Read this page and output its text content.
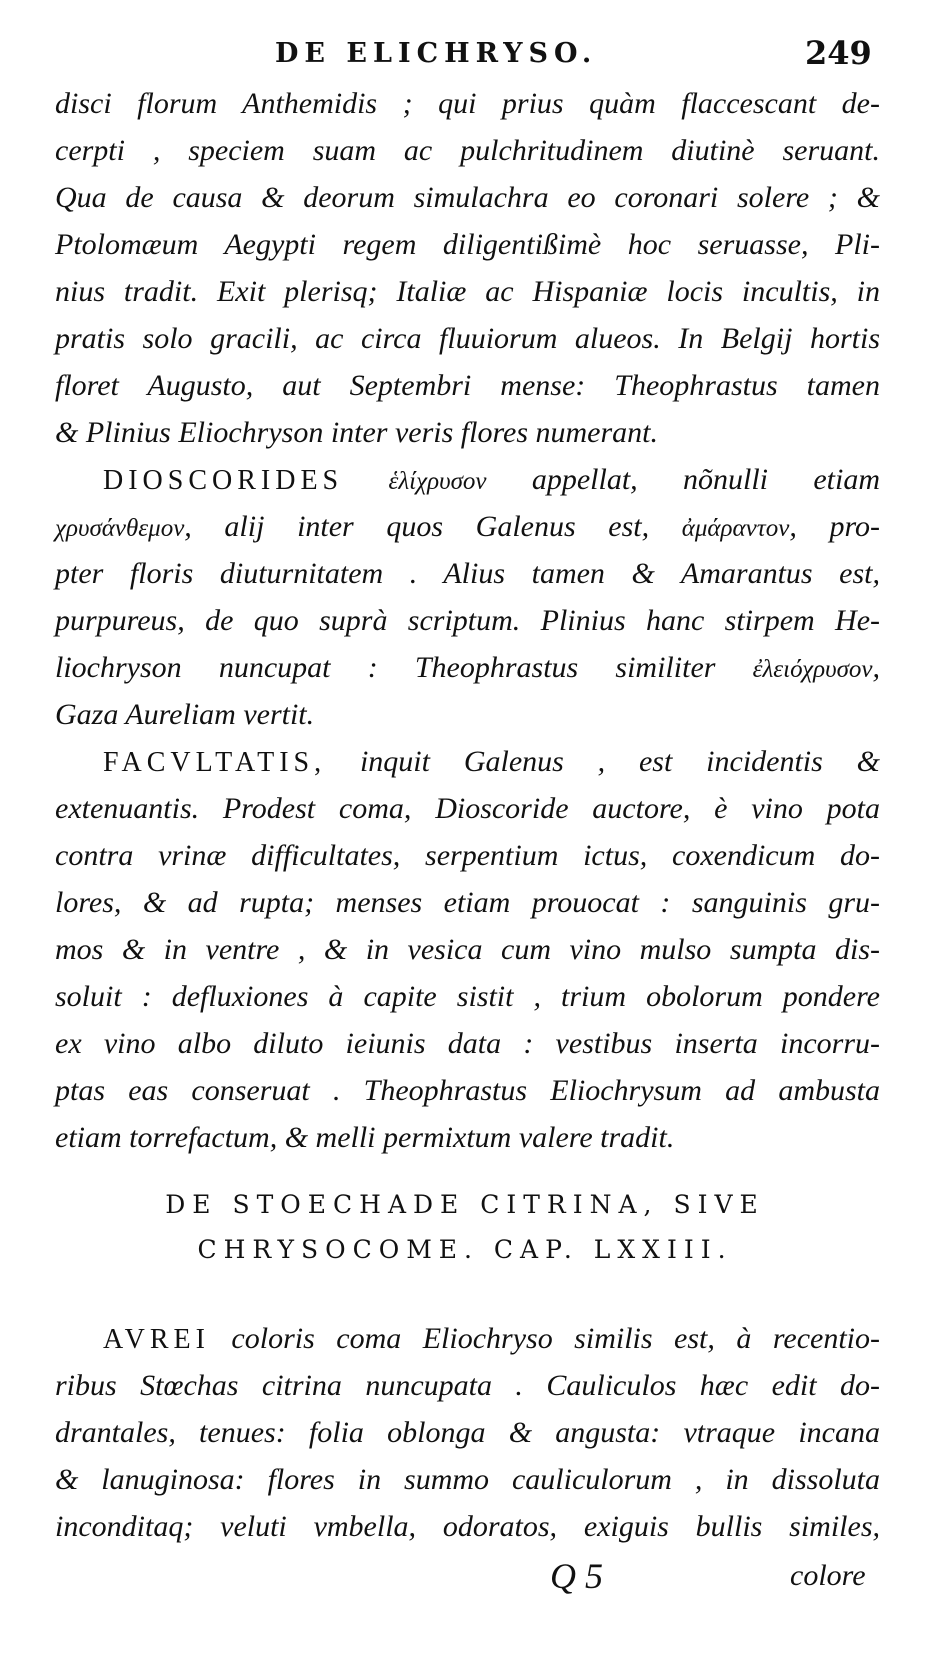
DE ELICHRYSO.	249
disci florum Anthemidis ; qui prius quàm flaccescant de-
cerpti , speciem suam ac pulchritudinem diutinè seruant.
Qua de causa & deorum simulachra eo coronari solere ; &
Ptolomæum Aegypti regem diligentißimè hoc seruasse, Pli-
nius tradit. Exit plerisq; Italiæ ac Hispaniæ locis incultis, in
pratis solo gracili, ac circa fluuiorum alueos. In Belgij hortis
floret Augusto, aut Septembri mense: Theophrastus tamen
& Plinius Eliochryson inter veris flores numerant.
DIOSCORIDES ἑλίχρυσον appellat, nõnulli etiam
χρυσάνθεμον, alij inter quos Galenus est, ἀμάραντον, pro-
pter floris diuturnitatem . Alius tamen & Amarantus est,
purpureus, de quo suprà scriptum. Plinius hanc stirpem He-
liochryson nuncupat : Theophrastus similiter ἐλειόχρυσον,
Gaza Aureliam vertit.
FACVLTATIS, inquit Galenus , est incidentis &
extenuantis. Prodest coma, Dioscoride auctore, è vino pota
contra vrinæ difficultates, serpentium ictus, coxendicum do-
lores, & ad rupta; menses etiam prouocat : sanguinis gru-
mos & in ventre , & in vesica cum vino mulso sumpta dis-
soluit : defluxiones à capite sistit , trium obolorum pondere
ex vino albo diluto ieiunis data : vestibus inserta incorru-
ptas eas conseruat . Theophrastus Eliochrysum ad ambusta
etiam torrefactum, & melli permixtum valere tradit.
DE STOECHADE CITRINA, SIVE
CHRYSOCOME. CAP. LXXIII.
AVREI coloris coma Eliochryso similis est, à recentio-
ribus Stœchas citrina nuncupata . Cauliculos hæc edit do-
drantales, tenues: folia oblonga & angusta: vtraque incana
& lanuginosa: flores in summo cauliculorum , in dissoluta
inconditaq; veluti vmbella, odoratos, exiguis bullis similes,
Q 5	colore
